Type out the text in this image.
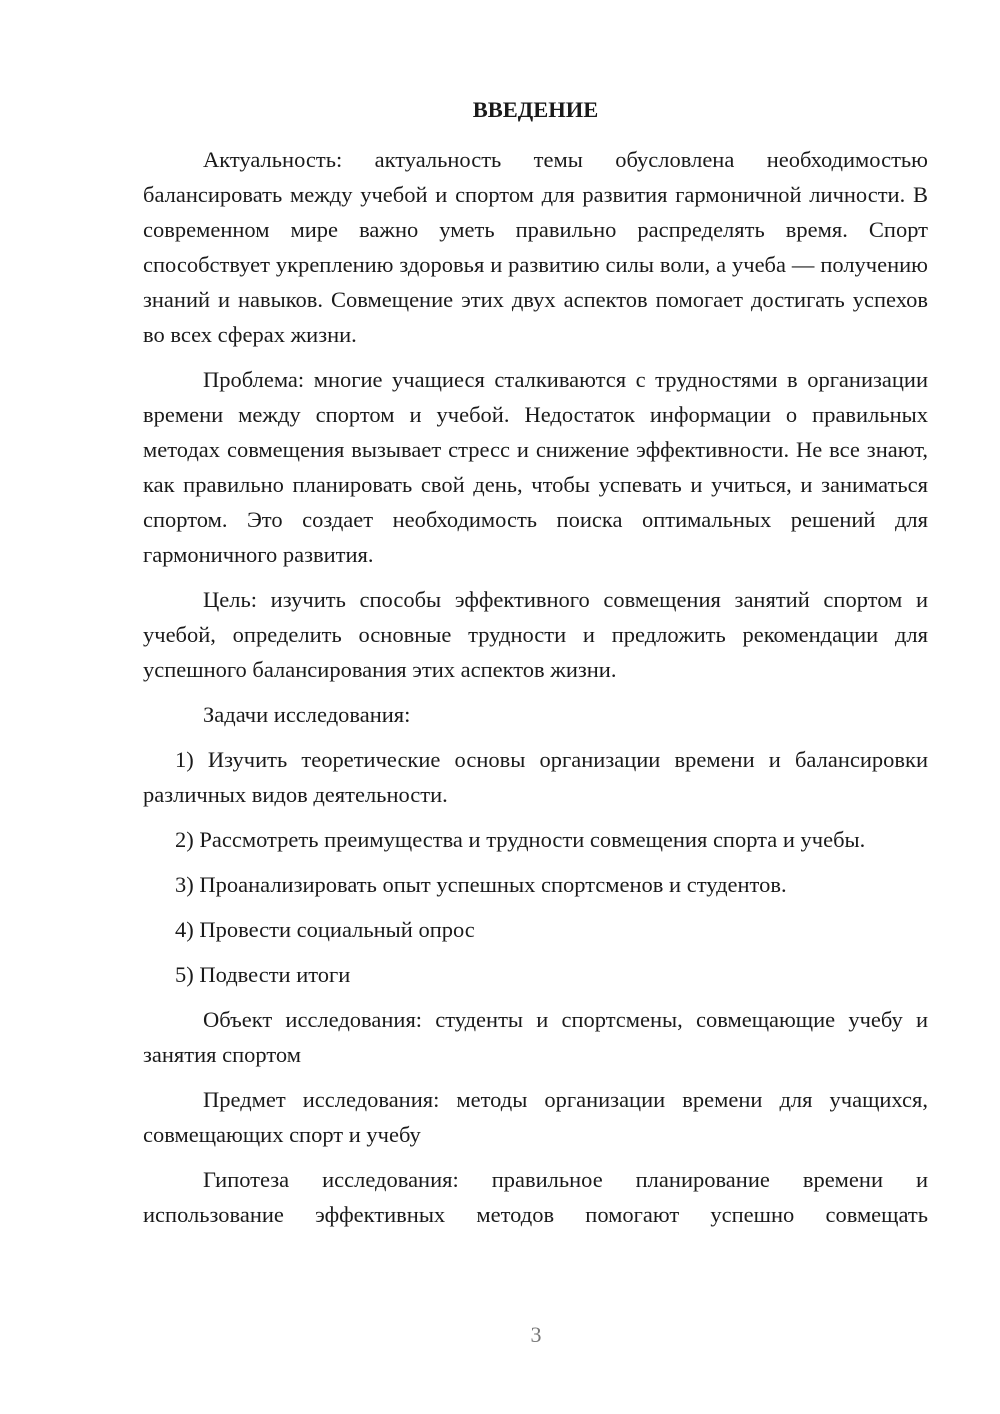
ВВЕДЕНИЕ

Актуальность: актуальность темы обусловлена необходимостью балансировать между учебой и спортом для развития гармоничной личности. В современном мире важно уметь правильно распределять время. Спорт способствует укреплению здоровья и развитию силы воли, а учеба — получению знаний и навыков. Совмещение этих двух аспектов помогает достигать успехов во всех сферах жизни.

Проблема: многие учащиеся сталкиваются с трудностями в организации времени между спортом и учебой. Недостаток информации о правильных методах совмещения вызывает стресс и снижение эффективности. Не все знают, как правильно планировать свой день, чтобы успевать и учиться, и заниматься спортом. Это создает необходимость поиска оптимальных решений для гармоничного развития.

Цель: изучить способы эффективного совмещения занятий спортом и учебой, определить основные трудности и предложить рекомендации для успешного балансирования этих аспектов жизни.

Задачи исследования:

1) Изучить теоретические основы организации времени и балансировки различных видов деятельности.

2) Рассмотреть преимущества и трудности совмещения спорта и учебы.

3) Проанализировать опыт успешных спортсменов и студентов.

4) Провести социальный опрос

5) Подвести итоги

Объект исследования: студенты и спортсмены, совмещающие учебу и занятия спортом

Предмет исследования: методы организации времени для учащихся, совмещающих спорт и учебу

Гипотеза исследования: правильное планирование времени и использование эффективных методов помогают успешно совмещать

3
